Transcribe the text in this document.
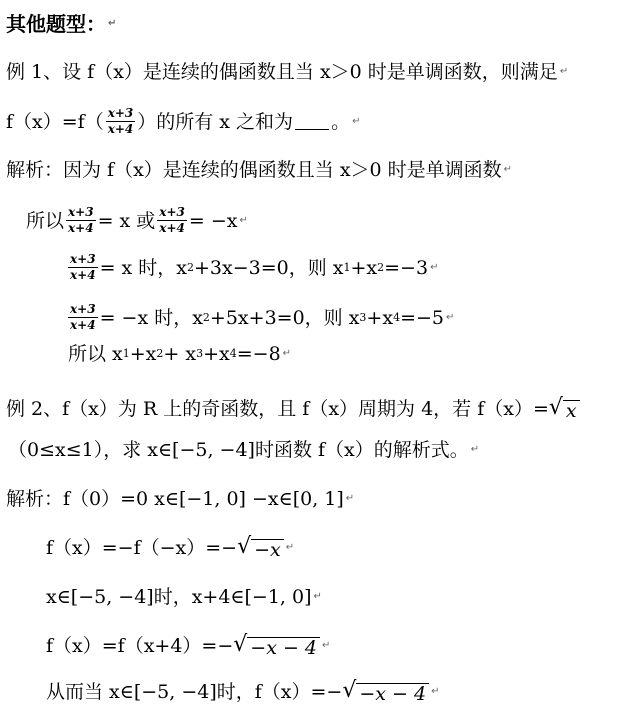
其他题型： ↵
例 1、设 f（x）是连续的偶函数且当 x＞0 时是单调函数，则满足 ↵
$f(x)=f( \frac{x+3}{x+4}$ ）的所有 x 之和为 。 ↵
解析：因为 f（x）是连续的偶函数且当 x＞0 时是单调函数 ↵
所以 $\frac{x+3}{x+4} = x$ 或 $\frac{x+3}{x+4} = -x$ ↵
$\frac{x+3}{x+4} = x$ 时，x 2 +3x−3=0，则 x 1 +x 2 =−3 ↵
$\frac{x+3}{x+4} = -x$ 时，x 2 +5x+3=0，则 x 3 +x 4 =−5 ↵
所以 x 1 +x 2 + x 3 +x 4 =−8 ↵
例 2、f（x）为 R 上的奇函数，且 f（x）周期为 4，若 f（x）= √ x
（0≤x≤1），求 x∈[−5, −4]时函数 f（x）的解析式。 ↵
解析：f（0）=0 x∈[−1, 0] −x∈[0, 1] ↵
f（x）=−f（−x）=− √ −x ↵
x∈[−5, −4]时，x+4∈[−1, 0] ↵
f（x）=f（x+4）=− √ −x − 4 ↵
从而当 x∈[−5, −4]时，f（x）=− √ −x − 4 ↵
